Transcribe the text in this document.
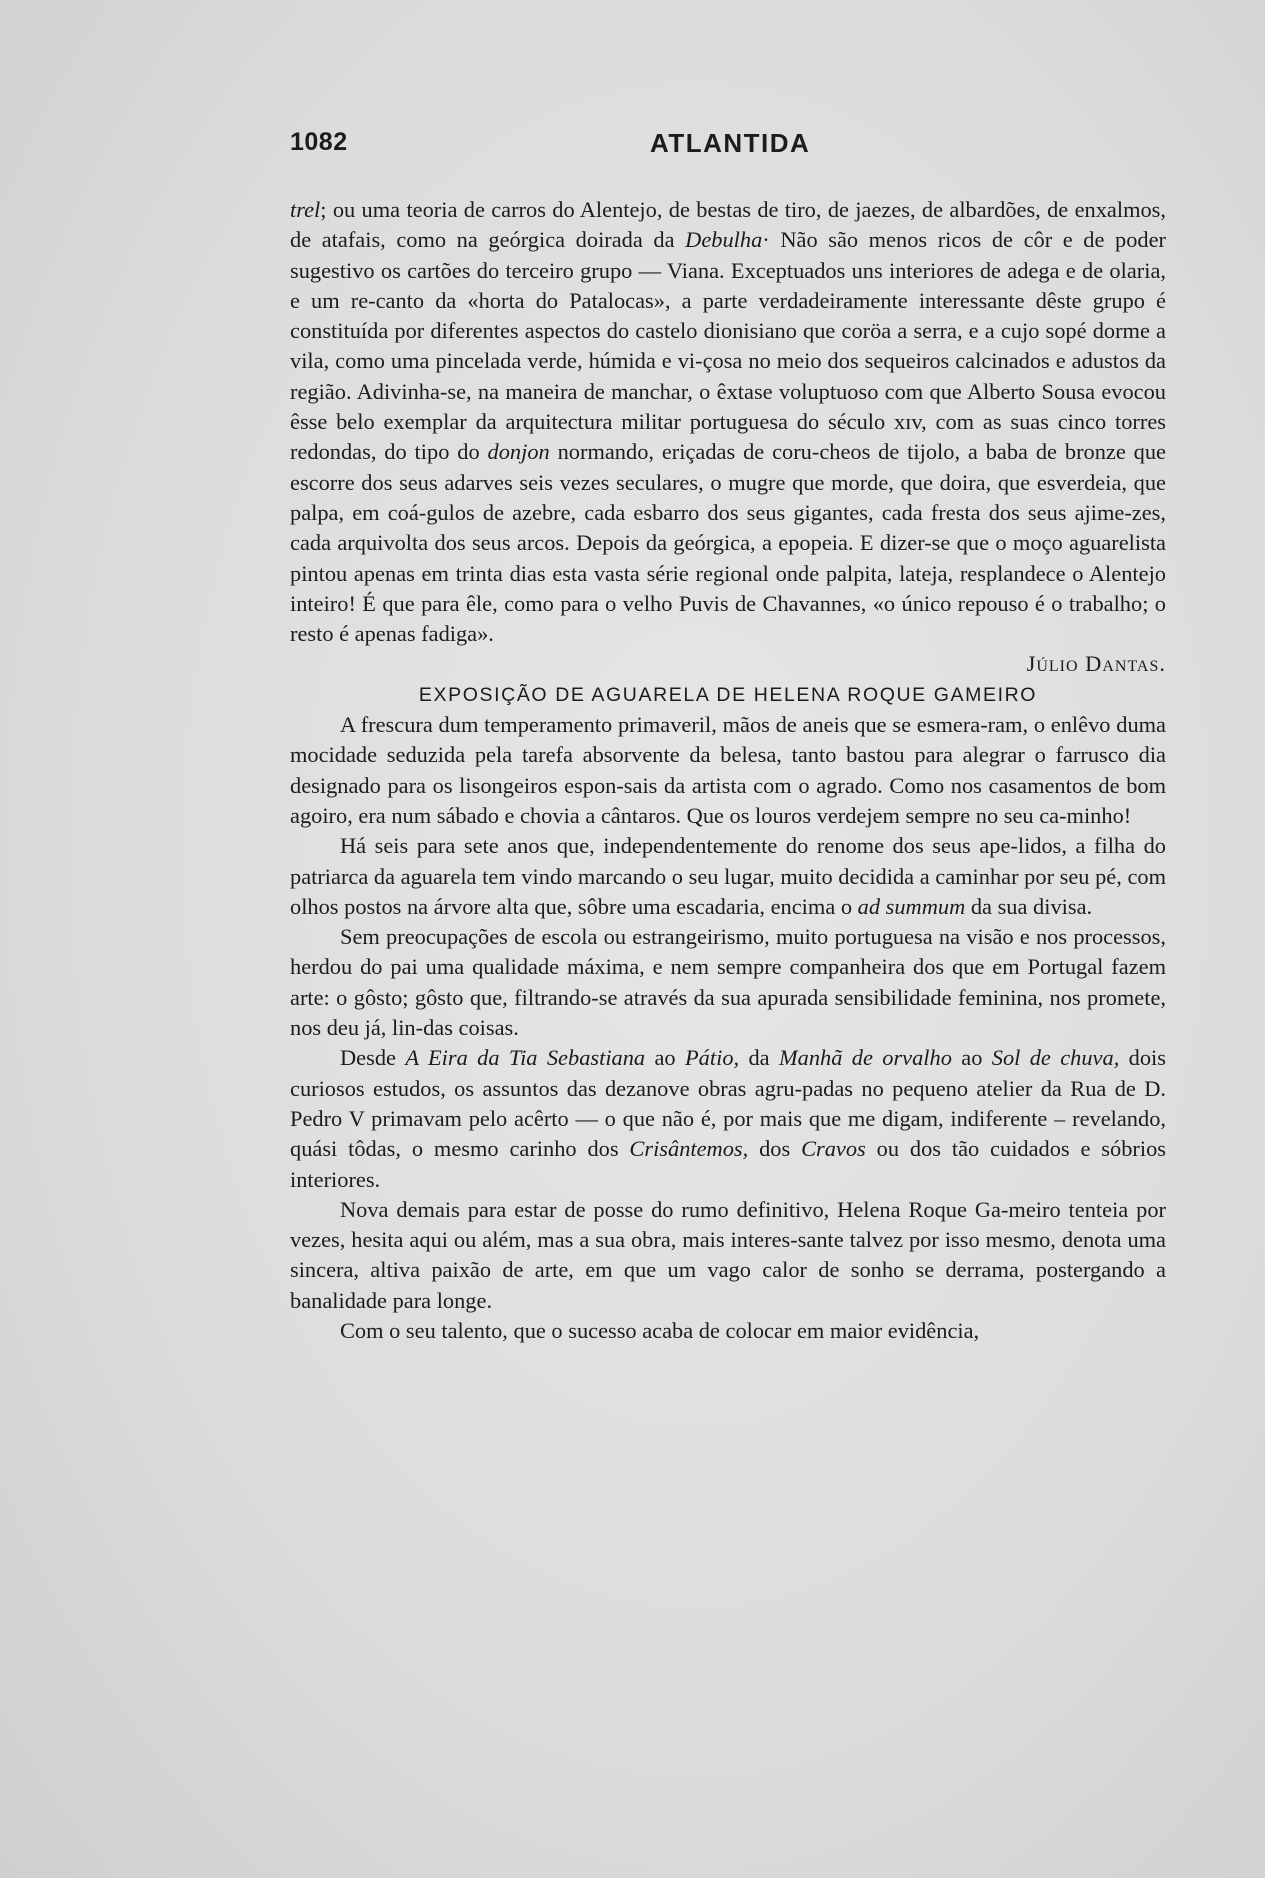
1082	ATLANTIDA

trel; ou uma teoria de carros do Alentejo, de bestas de tiro, de jaezes, de albardões, de enxalmos, de atafais, como na geórgica doirada da Debulha· Não são menos ricos de côr e de poder sugestivo os cartões do terceiro grupo — Viana. Exceptuados uns interiores de adega e de olaria, e um re-canto da «horta do Patalocas», a parte verdadeiramente interessante dêste grupo é constituída por diferentes aspectos do castelo dionisiano que coröa a serra, e a cujo sopé dorme a vila, como uma pincelada verde, húmida e vi-çosa no meio dos sequeiros calcinados e adustos da região. Adivinha-se, na maneira de manchar, o êxtase voluptuoso com que Alberto Sousa evocou êsse belo exemplar da arquitectura militar portuguesa do século xɪv, com as suas cinco torres redondas, do tipo do donjon normando, eriçadas de coru-cheos de tijolo, a baba de bronze que escorre dos seus adarves seis vezes seculares, o mugre que morde, que doira, que esverdeia, que palpa, em coá-gulos de azebre, cada esbarro dos seus gigantes, cada fresta dos seus ajime-zes, cada arquivolta dos seus arcos. Depois da geórgica, a epopeia. E dizer-se que o moço aguarelista pintou apenas em trinta dias esta vasta série regional onde palpita, lateja, resplandece o Alentejo inteiro! É que para êle, como para o velho Puvis de Chavannes, «o único repouso é o trabalho; o resto é apenas fadiga».

Júlio Dantas.

EXPOSIÇÃO DE AGUARELA DE HELENA ROQUE GAMEIRO

A frescura dum temperamento primaveril, mãos de aneis que se esmera-ram, o enlêvo duma mocidade seduzida pela tarefa absorvente da belesa, tanto bastou para alegrar o farrusco dia designado para os lisongeiros espon-sais da artista com o agrado. Como nos casamentos de bom agoiro, era num sábado e chovia a cântaros. Que os louros verdejem sempre no seu ca-minho!

Há seis para sete anos que, independentemente do renome dos seus ape-lidos, a filha do patriarca da aguarela tem vindo marcando o seu lugar, muito decidida a caminhar por seu pé, com olhos postos na árvore alta que, sôbre uma escadaria, encima o ad summum da sua divisa.

Sem preocupações de escola ou estrangeirismo, muito portuguesa na visão e nos processos, herdou do pai uma qualidade máxima, e nem sempre companheira dos que em Portugal fazem arte: o gôsto; gôsto que, filtrando-se através da sua apurada sensibilidade feminina, nos promete, nos deu já, lin-das coisas.

Desde A Eira da Tia Sebastiana ao Pátio, da Manhã de orvalho ao Sol de chuva, dois curiosos estudos, os assuntos das dezanove obras agru-padas no pequeno atelier da Rua de D. Pedro V primavam pelo acêrto — o que não é, por mais que me digam, indiferente – revelando, quási tôdas, o mesmo carinho dos Crisântemos, dos Cravos ou dos tão cuidados e sóbrios interiores.

Nova demais para estar de posse do rumo definitivo, Helena Roque Ga-meiro tenteia por vezes, hesita aqui ou além, mas a sua obra, mais interes-sante talvez por isso mesmo, denota uma sincera, altiva paixão de arte, em que um vago calor de sonho se derrama, postergando a banalidade para longe.

Com o seu talento, que o sucesso acaba de colocar em maior evidência,
